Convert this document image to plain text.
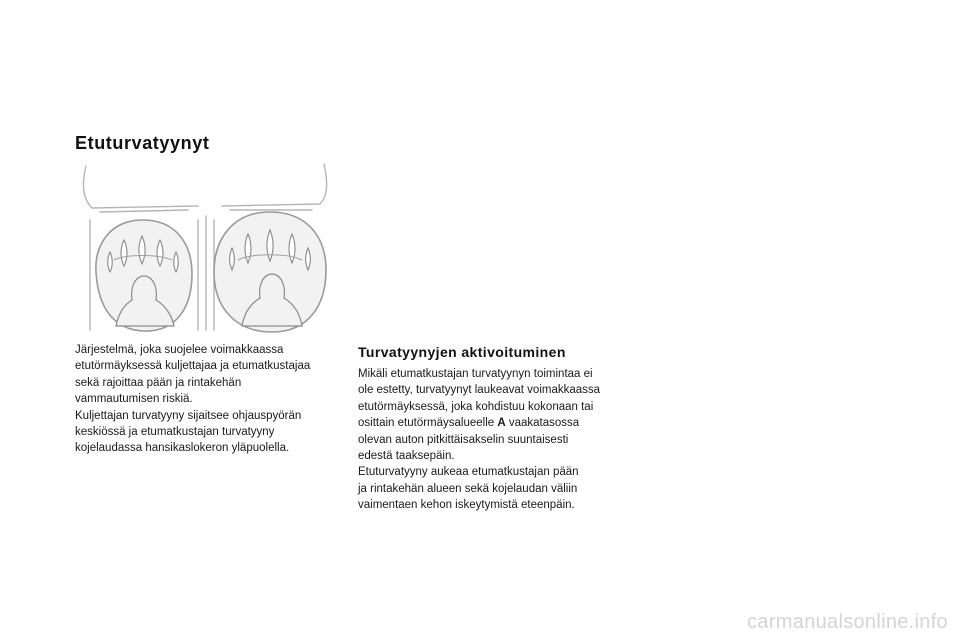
Etuturvatyynyt

Järjestelmä, joka suojelee voimakkaassa
etutörmäyksessä kuljettajaa ja etumatkustajaa
sekä rajoittaa pään ja rintakehän
vammautumisen riskiä.

Kuljettajan turvatyyny sijaitsee ohjauspyörän
keskiössä ja etumatkustajan turvatyyny
kojelaudassa hansikaslokeron yläpuolella.

Turvatyynyjen aktivoituminen

Mikäli etumatkustajan turvatyynyn toimintaa ei
ole estetty, turvatyynyt laukeavat voimakkaassa
etutörmäyksessä, joka kohdistuu kokonaan tai
osittain etutörmäysalueelle A vaakatasossa
olevan auton pitkittäisakselin suuntaisesti
edestä taaksepäin.

Etuturvatyyny aukeaa etumatkustajan pään
ja rintakehän alueen sekä kojelaudan väliin
vaimentaen kehon iskeytymistä eteenpäin.

carmanualsonline.info
